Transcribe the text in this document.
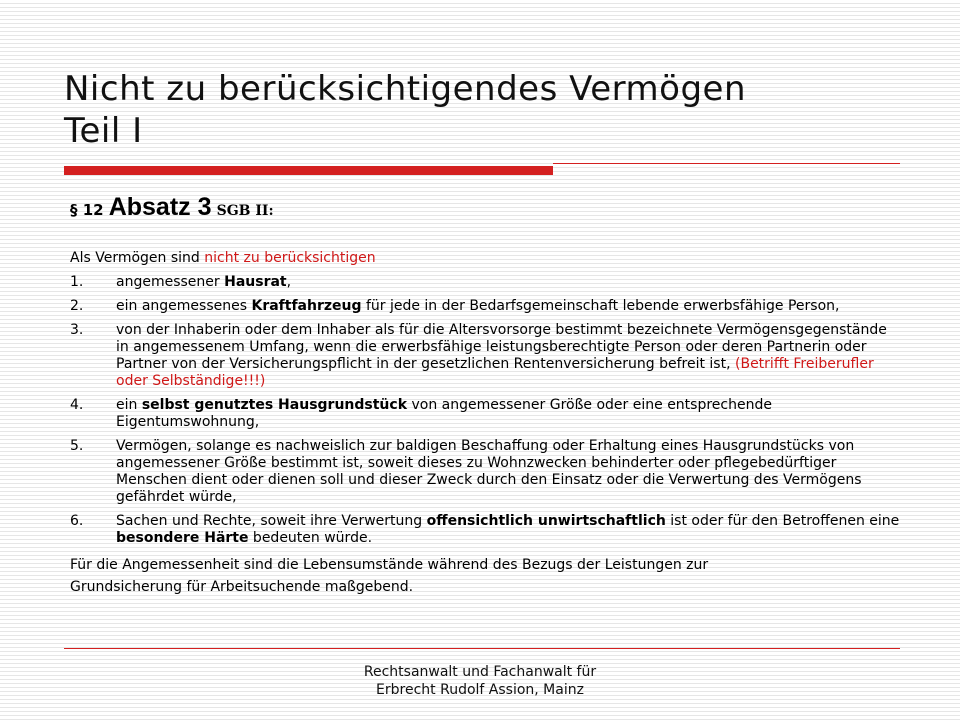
Nicht zu berücksichtigendes Vermögen
Teil I
§ 12 Absatz 3 SGB II:

Als Vermögen sind nicht zu berücksichtigen

1. angemessener Hausrat,
2. ein angemessenes Kraftfahrzeug für jede in der Bedarfsgemeinschaft lebende erwerbsfähige Person,
3. von der Inhaberin oder dem Inhaber als für die Altersvorsorge bestimmt bezeichnete Vermögensgegenstände in angemessenem Umfang, wenn die erwerbsfähige leistungsberechtigte Person oder deren Partnerin oder Partner von der Versicherungspflicht in der gesetzlichen Rentenversicherung befreit ist, (Betrifft Freiberufler oder Selbständige!!!)
4. ein selbst genutztes Hausgrundstück von angemessener Größe oder eine entsprechende Eigentumswohnung,
5. Vermögen, solange es nachweislich zur baldigen Beschaffung oder Erhaltung eines Hausgrundstücks von angemessener Größe bestimmt ist, soweit dieses zu Wohnzwecken behinderter oder pflegebedürftiger Menschen dient oder dienen soll und dieser Zweck durch den Einsatz oder die Verwertung des Vermögens gefährdet würde,
6. Sachen und Rechte, soweit ihre Verwertung offensichtlich unwirtschaftlich ist oder für den Betroffenen eine besondere Härte bedeuten würde.

Für die Angemessenheit sind die Lebensumstände während des Bezugs der Leistungen zur
Grundsicherung für Arbeitsuchende maßgebend.

Rechtsanwalt und Fachanwalt für
Erbrecht Rudolf Assion, Mainz
